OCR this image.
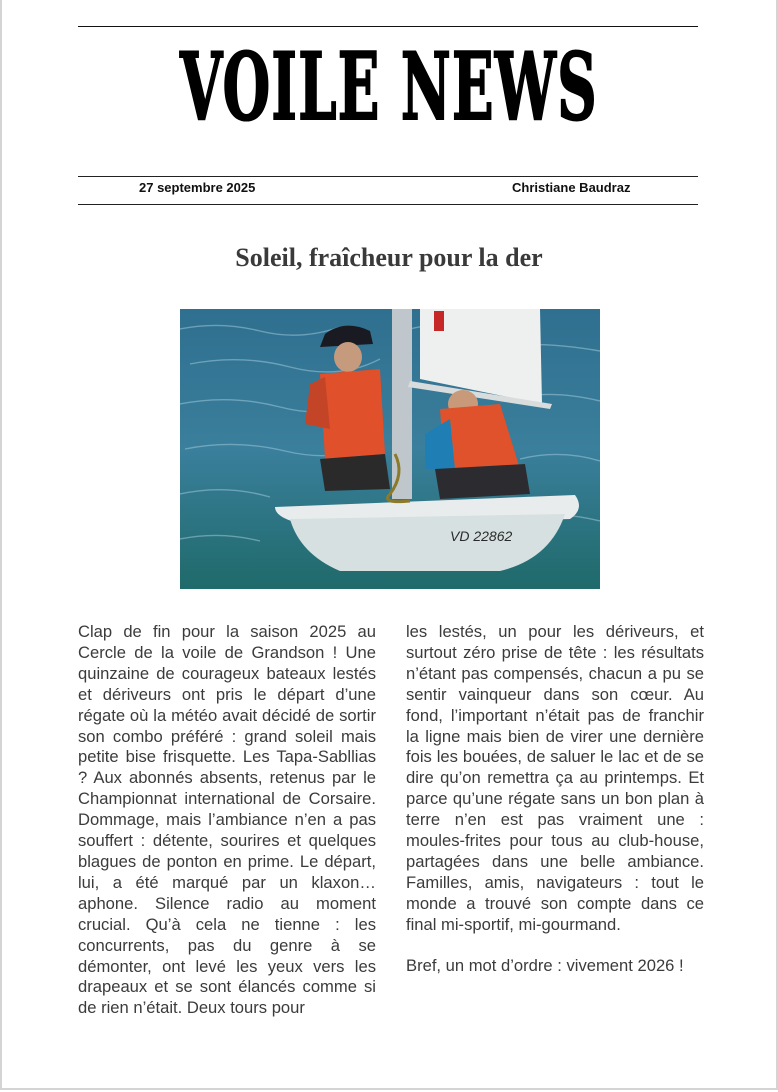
VOILE NEWS
27 septembre 2025	Christiane Baudraz
Soleil, fraîcheur pour la der
VD 22862

Clap de fin pour la saison 2025 au Cercle de la voile de Grandson ! Une quinzaine de courageux bateaux lestés et dériveurs ont pris le départ d’une régate où la météo avait décidé de sortir son combo préféré : grand soleil mais petite bise frisquette. Les Tapa-Sabllias ? Aux abonnés absents, retenus par le Championnat international de Corsaire. Dommage, mais l’ambiance n’en a pas souffert : détente, sourires et quelques blagues de ponton en prime. Le départ, lui, a été marqué par un klaxon… aphone. Silence radio au moment crucial. Qu’à cela ne tienne : les concurrents, pas du genre à se démonter, ont levé les yeux vers les drapeaux et se sont élancés comme si de rien n’était. Deux tours pour

les lestés, un pour les dériveurs, et surtout zéro prise de tête : les résultats n’étant pas compensés, chacun a pu se sentir vainqueur dans son cœur. Au fond, l’important n’était pas de franchir la ligne mais bien de virer une dernière fois les bouées, de saluer le lac et de se dire qu’on remettra ça au printemps. Et parce qu’une régate sans un bon plan à terre n’en est pas vraiment une : moules-frites pour tous au club-house, partagées dans une belle ambiance. Familles, amis, navigateurs : tout le monde a trouvé son compte dans ce final mi-sportif, mi-gourmand.

Bref, un mot d’ordre : vivement 2026 !
